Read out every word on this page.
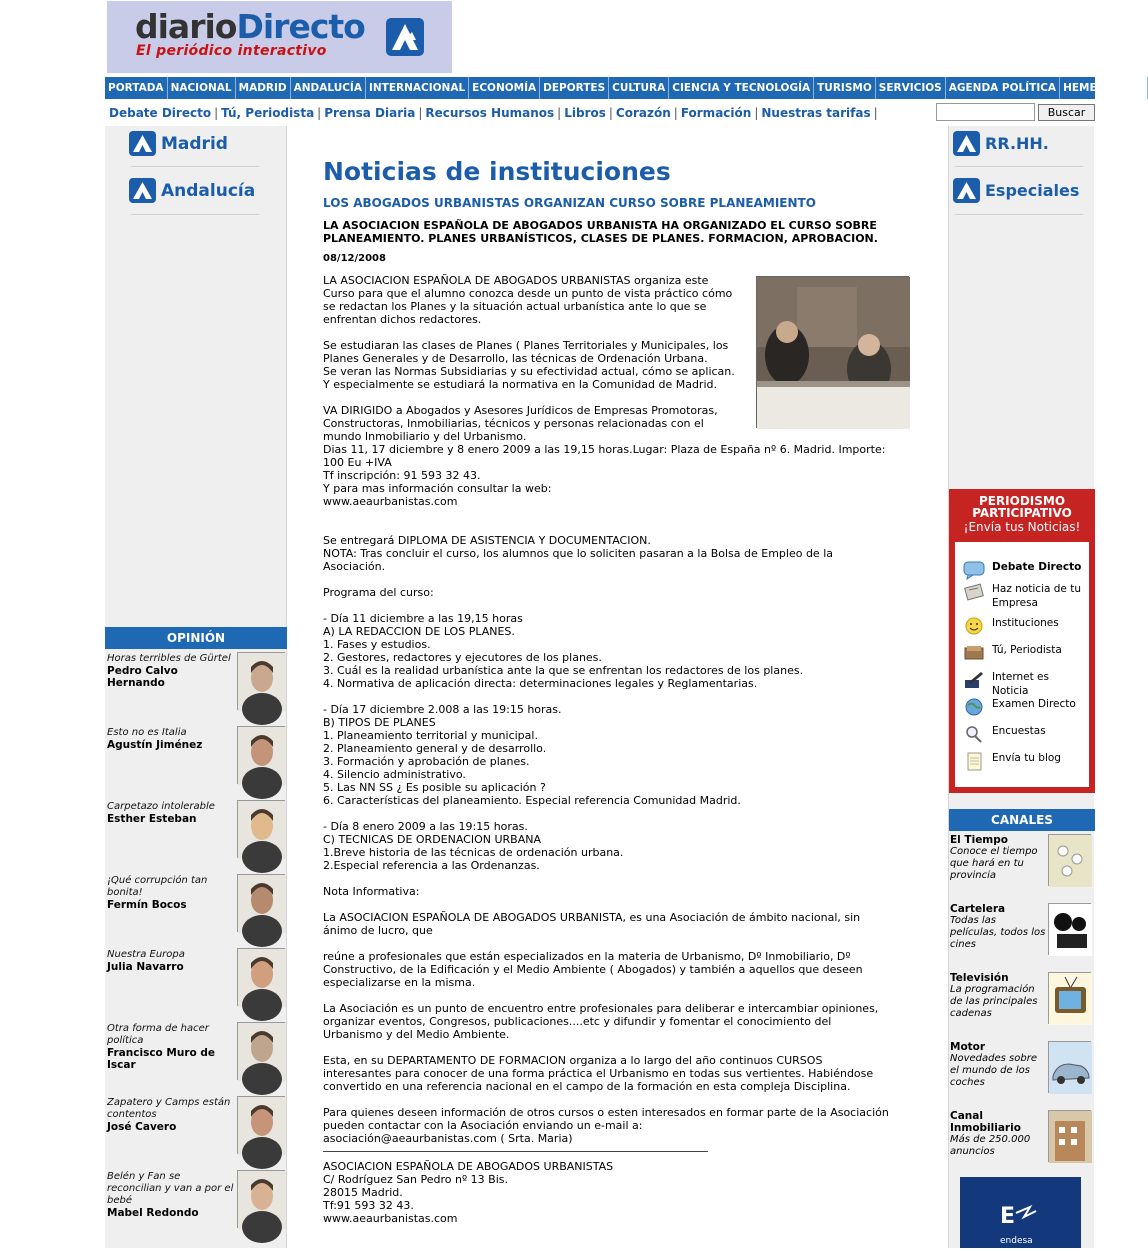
diarioDirecto
El periódico interactivo
PORTADA NACIONAL MADRID ANDALUCÍA INTERNACIONAL ECONOMÍA DEPORTES CULTURA CIENCIA Y TECNOLOGÍA TURISMO SERVICIOS AGENDA POLÍTICA HEMEROTECA
Debate Directo | Tú, Periodista | Prensa Diaria | Recursos Humanos | Libros | Corazón | Formación | Nuestras tarifas |	Buscar
Madrid
Andalucía
OPINIÓN
Horas terribles de Gürtel
Pedro Calvo Hernando
Esto no es Italia
Agustín Jiménez
Carpetazo intolerable
Esther Esteban
¡Qué corrupción tan bonita!
Fermín Bocos
Nuestra Europa
Julia Navarro
Otra forma de hacer política
Francisco Muro de Iscar
Zapatero y Camps están contentos
José Cavero
Belén y Fan se reconcilian y van a por el bebé
Mabel Redondo
Noticias de instituciones
LOS ABOGADOS URBANISTAS ORGANIZAN CURSO SOBRE PLANEAMIENTO
LA ASOCIACION ESPAÑOLA DE ABOGADOS URBANISTA HA ORGANIZADO EL CURSO SOBRE PLANEAMIENTO. PLANES URBANÍSTICOS, CLASES DE PLANES. FORMACION, APROBACION.
08/12/2008
LA ASOCIACION ESPAÑOLA DE ABOGADOS URBANISTAS organiza este
Curso para que el alumno conozca desde un punto de vista práctico cómo
se redactan los Planes y la situación actual urbanística ante lo que se
enfrentan dichos redactores.
Se estudiaran las clases de Planes ( Planes Territoriales y Municipales, los
Planes Generales y de Desarrollo, las técnicas de Ordenación Urbana.
Se veran las Normas Subsidiarias y su efectividad actual, cómo se aplican.
Y especialmente se estudiará la normativa en la Comunidad de Madrid.
VA DIRIGIDO a Abogados y Asesores Jurídicos de Empresas Promotoras,
Constructoras, Inmobiliarias, técnicos y personas relacionadas con el
mundo Inmobiliario y del Urbanismo.
Dias 11, 17 diciembre y 8 enero 2009 a las 19,15 horas.Lugar: Plaza de España nº 6. Madrid. Importe:
100 Eu +IVA
Tf inscripción: 91 593 32 43.
Y para mas información consultar la web:
www.aeaurbanistas.com
Se entregará DIPLOMA DE ASISTENCIA Y DOCUMENTACION.
NOTA: Tras concluir el curso, los alumnos que lo soliciten pasaran a la Bolsa de Empleo de la
Asociación.
Programa del curso:
- Día 11 diciembre a las 19,15 horas
A) LA REDACCION DE LOS PLANES.
1. Fases y estudios.
2. Gestores, redactores y ejecutores de los planes.
3. Cuál es la realidad urbanística ante la que se enfrentan los redactores de los planes.
4. Normativa de aplicación directa: determinaciones legales y Reglamentarias.
- Día 17 diciembre 2.008 a las 19:15 horas.
B) TIPOS DE PLANES
1. Planeamiento territorial y municipal.
2. Planeamiento general y de desarrollo.
3. Formación y aprobación de planes.
4. Silencio administrativo.
5. Las NN SS ¿ Es posible su aplicación ?
6. Características del planeamiento. Especial referencia Comunidad Madrid.
- Día 8 enero 2009 a las 19:15 horas.
C) TECNICAS DE ORDENACION URBANA
1.Breve historia de las técnicas de ordenación urbana.
2.Especial referencia a las Ordenanzas.
Nota Informativa:
La ASOCIACION ESPAÑOLA DE ABOGADOS URBANISTA, es una Asociación de ámbito nacional, sin
ánimo de lucro, que
reúne a profesionales que están especializados en la materia de Urbanismo, Dº Inmobiliario, Dº
Constructivo, de la Edificación y el Medio Ambiente ( Abogados) y también a aquellos que deseen
especializarse en la misma.
La Asociación es un punto de encuentro entre profesionales para deliberar e intercambiar opiniones,
organizar eventos, Congresos, publicaciones....etc y difundir y fomentar el conocimiento del
Urbanismo y del Medio Ambiente.
Esta, en su DEPARTAMENTO DE FORMACION organiza a lo largo del año continuos CURSOS
interesantes para conocer de una forma práctica el Urbanismo en todas sus vertientes. Habiéndose
convertido en una referencia nacional en el campo de la formación en esta compleja Disciplina.
Para quienes deseen información de otros cursos o esten interesados en formar parte de la Asociación
pueden contactar con la Asociación enviando un e-mail a:
asociación@aeaurbanistas.com ( Srta. Maria)
ASOCIACION ESPAÑOLA DE ABOGADOS URBANISTAS
C/ Rodríguez San Pedro nº 13 Bis.
28015 Madrid.
Tf:91 593 32 43.
www.aeaurbanistas.com
RR.HH.
Especiales
PERIODISMO
PARTICIPATIVO
¡Envía tus Noticias!
Debate Directo
Haz noticia de tu Empresa
Instituciones
Tú, Periodista
Internet es Noticia
Examen Directo
Encuestas
Envía tu blog
CANALES
El Tiempo
Conoce el tiempo que hará en tu provincia
Cartelera
Todas las películas, todos los cines
Televisión
La programación de las principales cadenas
Motor
Novedades sobre el mundo de los coches
Canal Inmobiliario
Más de 250.000 anuncios
E
endesa
